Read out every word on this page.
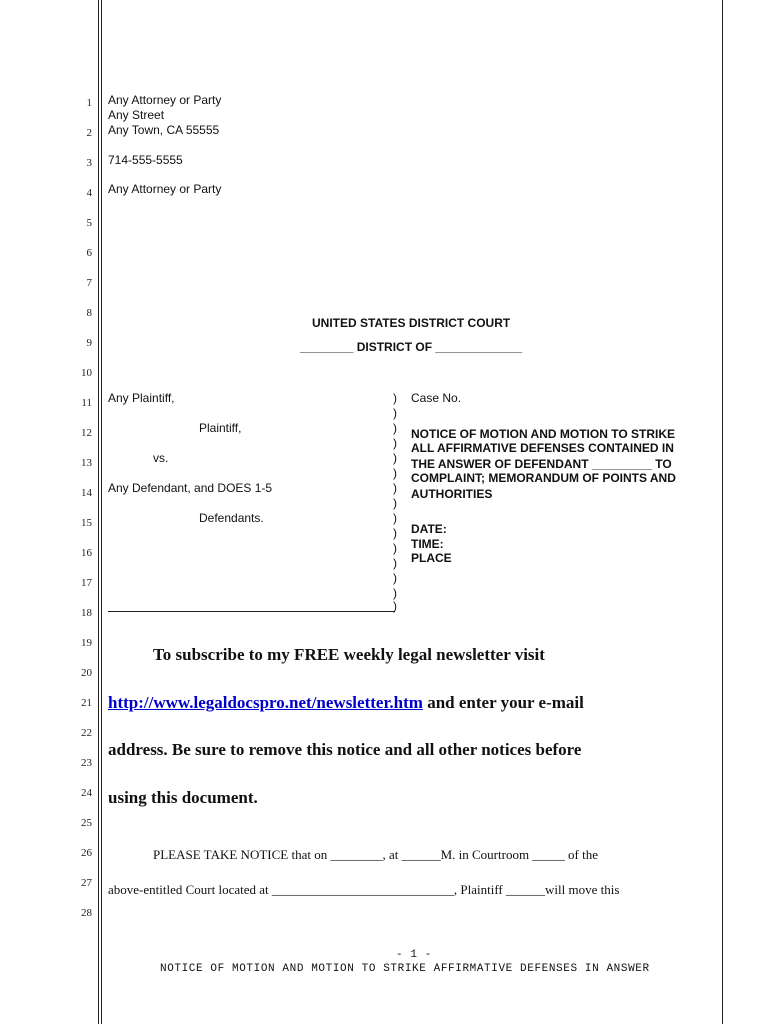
1
2
3
4
5
6
7
8
9
10
11
12
13
14
15
16
17
18
19
20
21
22
23
24
25
26
27
28
Any Attorney or Party
Any Street
Any Town, CA 55555
714-555-5555
Any Attorney or Party
UNITED STATES DISTRICT COURT
________ DISTRICT OF _____________
Any Plaintiff,
Plaintiff,
vs.
Any Defendant, and DOES 1-5
Defendants.
)
)
)
)
)
)
)
)
)
)
)
)
)
)
)
Case No.
NOTICE OF MOTION AND MOTION TO STRIKE
ALL AFFIRMATIVE DEFENSES CONTAINED IN
THE ANSWER OF DEFENDANT _________ TO
COMPLAINT; MEMORANDUM OF POINTS AND
AUTHORITIES
DATE:
TIME:
PLACE
To subscribe to my FREE weekly legal newsletter visit
http://www.legaldocspro.net/newsletter.htm and enter your e-mail
address. Be sure to remove this notice and all other notices before
using this document.
PLEASE TAKE NOTICE that on ________, at ______M. in Courtroom _____ of the
above-entitled Court located at ____________________________, Plaintiff ______will move this
- 1 -
NOTICE OF MOTION AND MOTION TO STRIKE AFFIRMATIVE DEFENSES IN ANSWER
